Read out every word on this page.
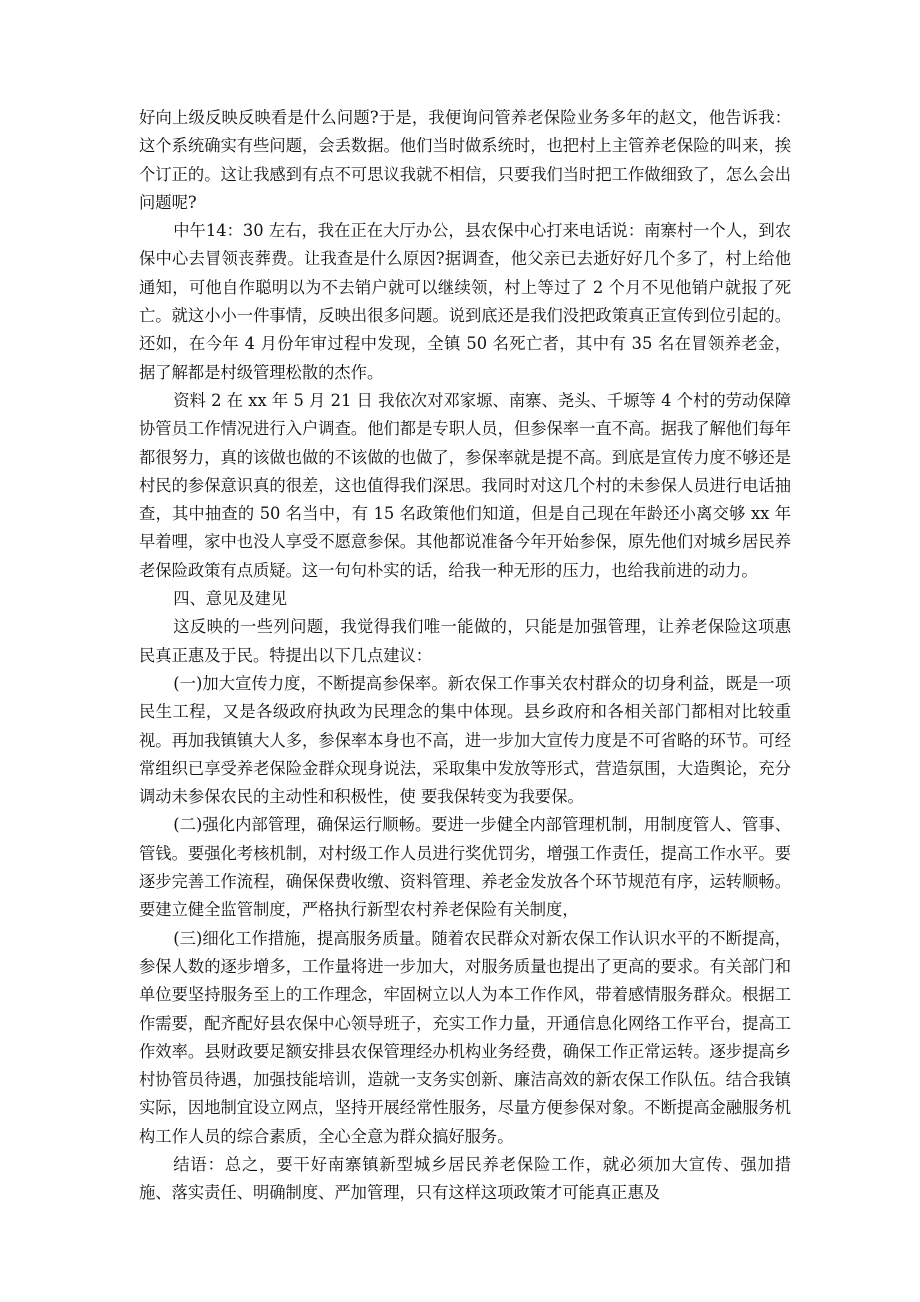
好向上级反映反映看是什么问题?于是，我便询问管养老保险业务多年的赵文，他告诉我：这个系统确实有些问题，会丢数据。他们当时做系统时，也把村上主管养老保险的叫来，挨个订正的。这让我感到有点不可思议我就不相信，只要我们当时把工作做细致了，怎么会出问题呢?

中午14：30 左右，我在正在大厅办公，县农保中心打来电话说：南寨村一个人，到农保中心去冒领丧葬费。让我查是什么原因?据调查，他父亲已去逝好好几个多了，村上给他通知，可他自作聪明以为不去销户就可以继续领，村上等过了 2 个月不见他销户就报了死亡。就这小小一件事情，反映出很多问题。说到底还是我们没把政策真正宣传到位引起的。还如，在今年 4 月份年审过程中发现，全镇 50 名死亡者，其中有 35 名在冒领养老金，据了解都是村级管理松散的杰作。

资料 2 在 xx 年 5 月 21 日 我依次对邓家塬、南寨、尧头、千塬等 4 个村的劳动保障协管员工作情况进行入户调查。他们都是专职人员，但参保率一直不高。据我了解他们每年都很努力，真的该做也做的不该做的也做了，参保率就是提不高。到底是宣传力度不够还是村民的参保意识真的很差，这也值得我们深思。我同时对这几个村的未参保人员进行电话抽查，其中抽查的 50 名当中，有 15 名政策他们知道，但是自己现在年龄还小离交够 xx 年早着哩，家中也没人享受不愿意参保。其他都说准备今年开始参保，原先他们对城乡居民养老保险政策有点质疑。这一句句朴实的话，给我一种无形的压力，也给我前进的动力。

四、意见及建见

这反映的一些列问题，我觉得我们唯一能做的，只能是加强管理，让养老保险这项惠民真正惠及于民。特提出以下几点建议：

(一)加大宣传力度，不断提高参保率。新农保工作事关农村群众的切身利益，既是一项民生工程，又是各级政府执政为民理念的集中体现。县乡政府和各相关部门都相对比较重视。再加我镇镇大人多，参保率本身也不高，进一步加大宣传力度是不可省略的环节。可经常组织已享受养老保险金群众现身说法，采取集中发放等形式，营造氛围，大造舆论，充分调动未参保农民的主动性和积极性，使 要我保转变为我要保。

(二)强化内部管理，确保运行顺畅。要进一步健全内部管理机制，用制度管人、管事、管钱。要强化考核机制，对村级工作人员进行奖优罚劣，增强工作责任，提高工作水平。要逐步完善工作流程，确保保费收缴、资料管理、养老金发放各个环节规范有序，运转顺畅。要建立健全监管制度，严格执行新型农村养老保险有关制度，

(三)细化工作措施，提高服务质量。随着农民群众对新农保工作认识水平的不断提高，参保人数的逐步增多，工作量将进一步加大，对服务质量也提出了更高的要求。有关部门和单位要坚持服务至上的工作理念，牢固树立以人为本工作作风，带着感情服务群众。根据工作需要，配齐配好县农保中心领导班子，充实工作力量，开通信息化网络工作平台，提高工作效率。县财政要足额安排县农保管理经办机构业务经费，确保工作正常运转。逐步提高乡村协管员待遇，加强技能培训，造就一支务实创新、廉洁高效的新农保工作队伍。结合我镇实际，因地制宜设立网点，坚持开展经常性服务，尽量方便参保对象。不断提高金融服务机构工作人员的综合素质，全心全意为群众搞好服务。

结语：总之，要干好南寨镇新型城乡居民养老保险工作，就必须加大宣传、强加措施、落实责任、明确制度、严加管理，只有这样这项政策才可能真正惠及
